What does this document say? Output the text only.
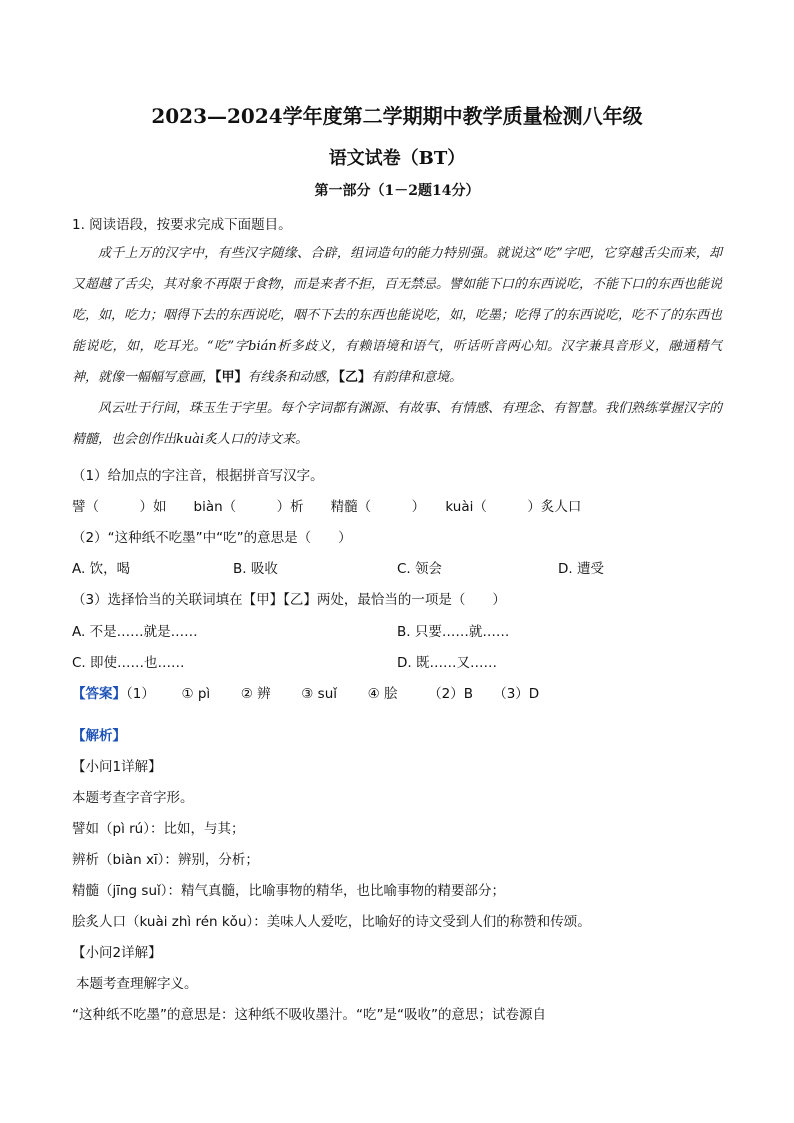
2023—2024学年度第二学期期中教学质量检测八年级
语文试卷（BT）
第一部分（1－2题14分）
1. 阅读语段，按要求完成下面题目。

成千上万的汉字中，有些汉字随缘、合辟，组词造句的能力特别强。就说这“吃”字吧，它穿越舌尖而来，却又超越了舌尖，其对象不再限于食物，而是来者不拒，百无禁忌。譬如能下口的东西说吃，不能下口的东西也能说吃，如，吃力；咽得下去的东西说吃，咽不下去的东西也能说吃，如，吃墨；吃得了的东西说吃，吃不了的东西也能说吃，如，吃耳光。“吃”字bián析多歧义，有赖语境和语气，听话听音两心知。汉字兼具音形义，融通精气神，就像一幅幅写意画，【甲】有线条和动感，【乙】有韵律和意境。

风云吐于行间，珠玉生于字里。每个字词都有渊源、有故事、有情感、有理念、有智慧。我们熟练掌握汉字的精髓，也会创作出kuài炙人口的诗文来。

（1）给加点的字注音，根据拼音写汉字。
譬（　　　）如　　biàn（　　　）析　　精髓（　　　）　　kuài（　　　）炙人口
（2）“这种纸不吃墨”中“吃”的意思是（　　）
A. 饮，喝	B. 吸收	C. 领会	D. 遭受
（3）选择恰当的关联词填在【甲】【乙】两处，最恰当的一项是（　　）
A. 不是……就是……	B. 只要……就……
C. 即使……也……	D. 既……又……
【答案】（1） ① pì ② 辨 ③ suǐ ④ 脍 （2）B　　（3）D
【解析】
【小问1详解】
本题考查字音字形。
譬如（pì rú）：比如，与其；
辨析（biàn xī）：辨别，分析；
精髓（jīng suǐ）：精气真髓，比喻事物的精华，也比喻事物的精要部分；
脍炙人口（kuài zhì rén kǒu）：美味人人爱吃，比喻好的诗文受到人们的称赞和传颂。
【小问2详解】
本题考查理解字义。
“这种纸不吃墨”的意思是：这种纸不吸收墨汁。“吃”是“吸收”的意思；试卷源自
